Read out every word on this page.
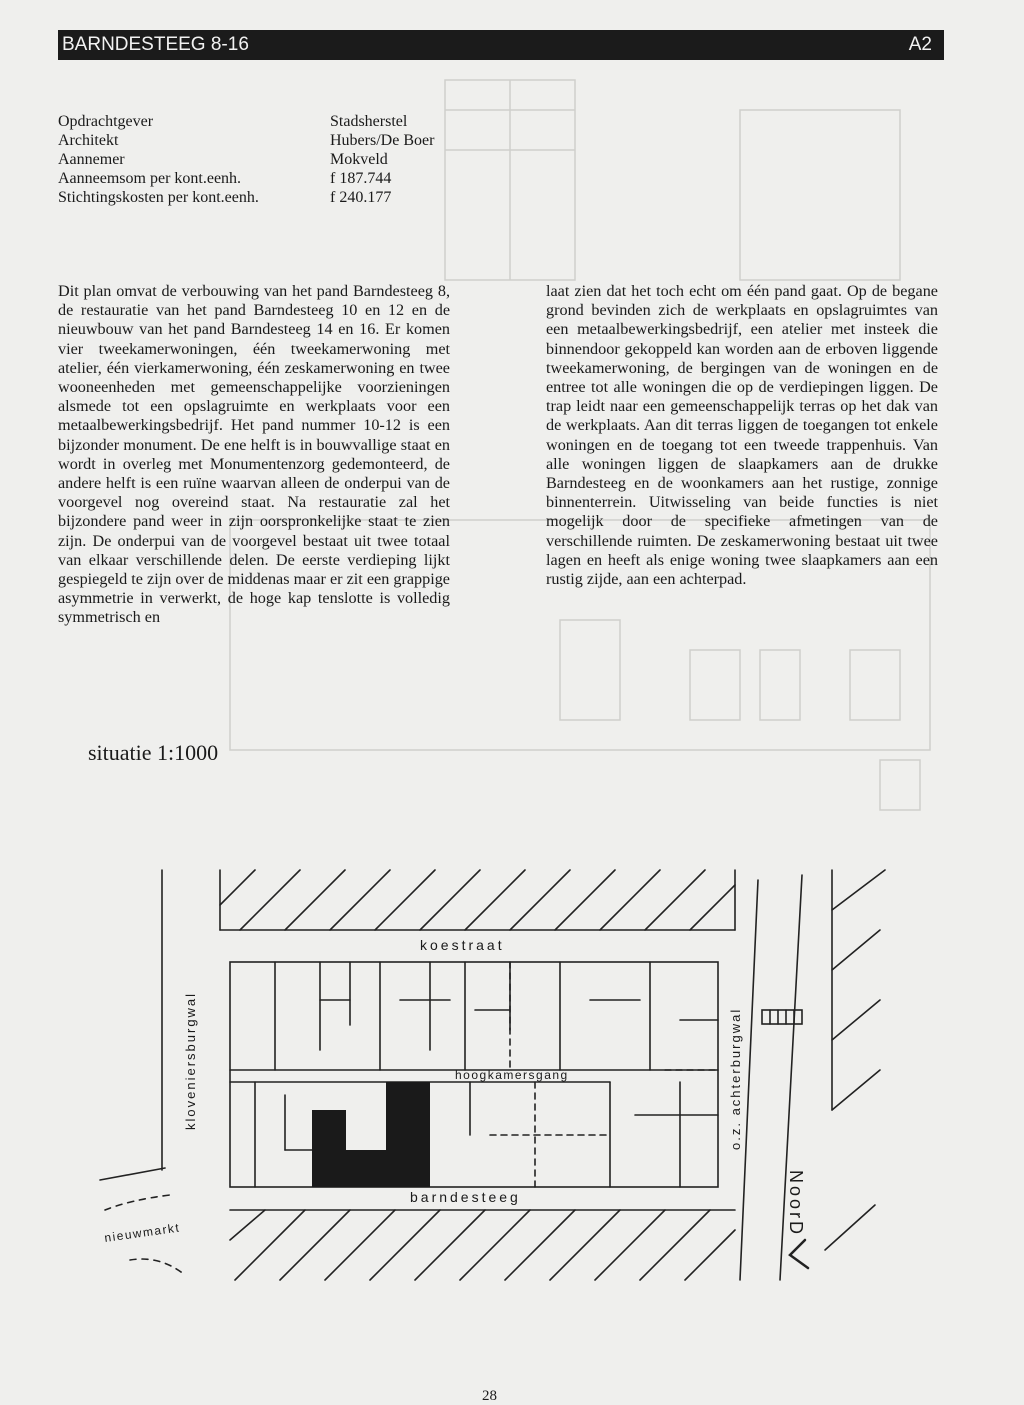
BARNDESTEEG 8-16	A2
Opdrachtgever	Stadsherstel
Architekt	Hubers/De Boer
Aannemer	Mokveld
Aanneemsom per kont.eenh.	f 187.744
Stichtingskosten per kont.eenh.	f 240.177
Dit plan omvat de verbouwing van het pand Barndesteeg 8, de restauratie van het pand Barndesteeg 10 en 12 en de nieuwbouw van het pand Barndesteeg 14 en 16. Er komen vier tweekamerwoningen, één tweekamerwoning met atelier, één vierkamerwoning, één zeskamerwoning en twee wooneenheden met gemeenschappelijke voorzieningen alsmede tot een opslagruimte en werkplaats voor een metaalbewerkingsbedrijf. Het pand nummer 10-12 is een bijzonder monument. De ene helft is in bouwvallige staat en wordt in overleg met Monumentenzorg gedemonteerd, de andere helft is een ruïne waarvan alleen de onderpui van de voorgevel nog overeind staat. Na restauratie zal het bijzondere pand weer in zijn oorspronkelijke staat te zien zijn. De onderpui van de voorgevel bestaat uit twee totaal van elkaar verschillende delen. De eerste verdieping lijkt gespiegeld te zijn over de middenas maar er zit een grappige asymmetrie in verwerkt, de hoge kap tenslotte is volledig symmetrisch en
laat zien dat het toch echt om één pand gaat. Op de begane grond bevinden zich de werkplaats en opslagruimtes van een metaalbewerkingsbedrijf, een atelier met insteek die binnendoor gekoppeld kan worden aan de erboven liggende tweekamerwoning, de bergingen van de woningen en de entree tot alle woningen die op de verdiepingen liggen. De trap leidt naar een gemeenschappelijk terras op het dak van de werkplaats. Aan dit terras liggen de toegangen tot enkele woningen en de toegang tot een tweede trappenhuis. Van alle woningen liggen de slaapkamers aan de drukke Barndesteeg en de woonkamers aan het rustige, zonnige binnenterrein. Uitwisseling van beide functies is niet mogelijk door de specifieke afmetingen van de verschillende ruimten. De zeskamerwoning bestaat uit twee lagen en heeft als enige woning twee slaapkamers aan een rustig zijde, aan een achterpad.
situatie 1:1000
koestraat
kloveniersburgwal	hoogkamersgang
barndesteeg
o.z. achterburgwal
nieuwmarkt	NoorD
28
